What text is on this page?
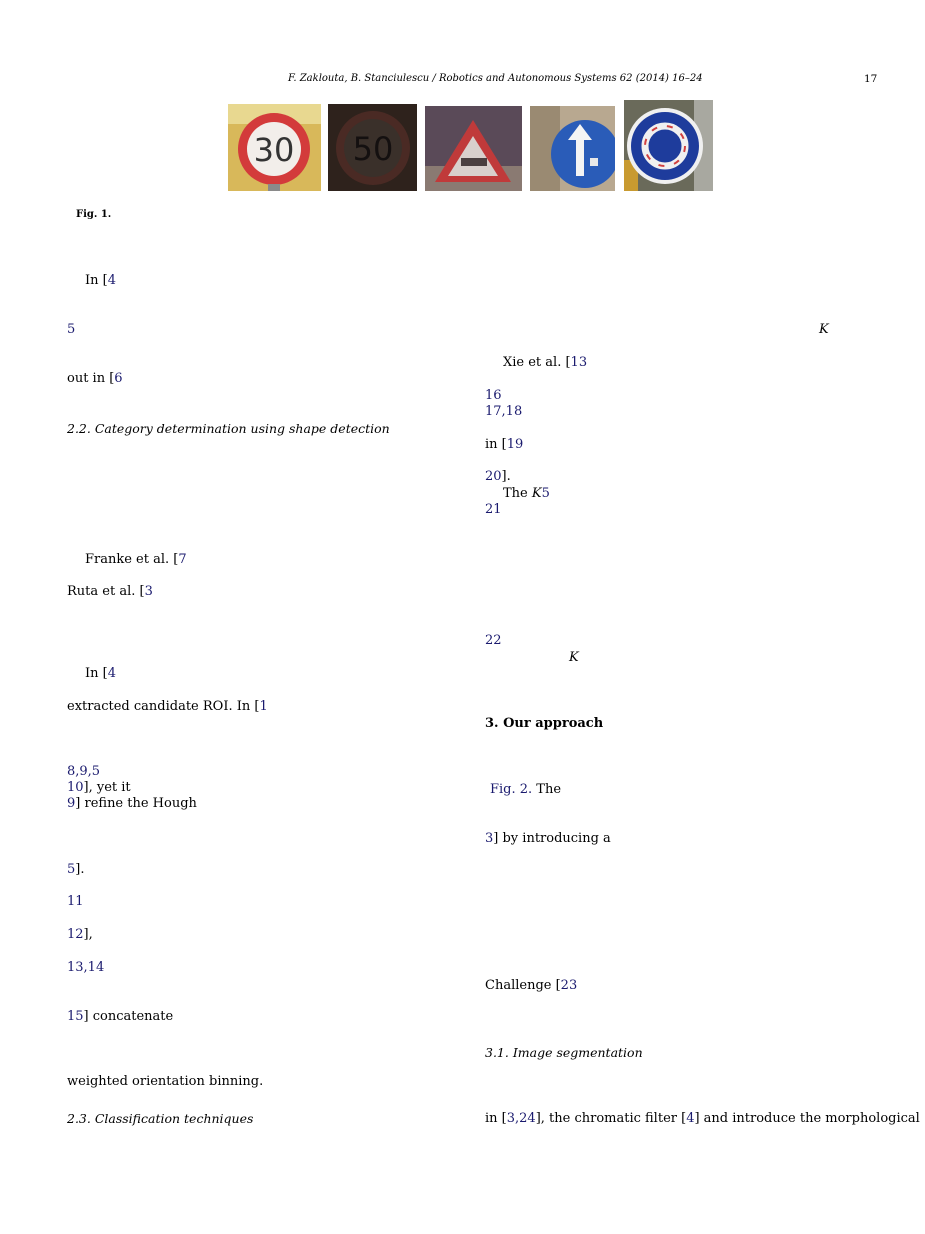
F. Zaklouta, B. Stanciulescu / Robotics and Autonomous Systems 62 (2014) 16–24	17
30 50
Fig. 1.
In [4
5
out in [6
2.2. Category determination using shape detection
Franke et al. [7
Ruta et al. [3
In [4
extracted candidate ROI. In [1
8,9,5
10], yet it
9] refine the Hough
5].
11
12],
13,14
15] concatenate
weighted orientation binning.
2.3. Classification techniques
K
Xie et al. [13
16
17,18
in [19
20].
The K5
21
22
K
3. Our approach
Fig. 2. The
3] by introducing a
Challenge [23
3.1. Image segmentation
in [3,24], the chromatic filter [4] and introduce the morphological
